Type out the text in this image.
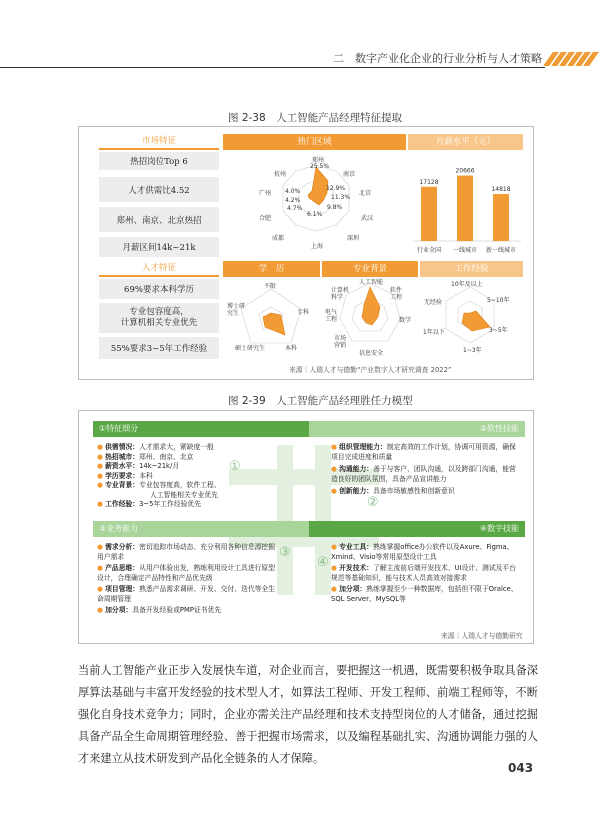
二　数字产业化企业的行业分析与人才策略
图 2-38　人工智能产品经理特征提取
市场特征	热门区域	月薪水平（元）
热招岗位Top 6
人才供需比4.52
郑州、南京、北京热招
月薪区间14k~21k
郑州
南京
北京
武汉
深圳
上海
成都
合肥
广州
杭州
25.5%
12.9%
11.3%
9.8%
6.1%
4.7%
4.2%
4.0%
17128
行业全国
20666
一线城市
14818
新一线城市
人才特征	学　历	专业背景	工作经验
69%要求本科学历
专业包容度高，
计算机相关专业优先
55%要求3~5年工作经验
不限
专科
本科
硕士研究生
博士研究生
人工智能
软件工程
数学
信息安全
市场营销
电气工程
计算机科学
10年及以上
5~10年
3~5年
1~3年
1年以下
无经验
来源｜人瑞人才与德勤“产业数字人才研究调查 2022”
图 2-39　人工智能产品经理胜任力模型
①
②
③
④
①特征细分	②软性技能
● 供需情况：人才需求大，紧缺度一般
● 热招城市：郑州、南京、北京
● 薪资水平：14k~21k/月
● 学历要求：本科
● 专业背景：专业包容度高，软件工程、
人工智能相关专业优先
● 工作经验：3~5年工作经验优先
● 组织管理能力：制定高效的工作计划，协调可用资源，确保项目完成进度和质量
● 沟通能力：善于与客户、团队沟通，以及跨部门沟通，能营造良好的团队氛围，具备产品宣讲能力
● 创新能力：具备市场敏感性和创新意识
③业务能力	④数字技能
● 需求分析：密切追踪市场动态、充分利用各种信息源挖掘用户需求
● 产品思维：从用户体验出发，熟练利用设计工具进行原型设计，合理确定产品特性和产品优先级
● 项目管理：熟悉产品需求调研、开发、交付、迭代等全生命周期管理
● 加分项：具备开发经验或PMP证书优先
● 专业工具：熟练掌握office办公软件以及Axure、Figma、Xmind、Visio等常用原型设计工具
● 开发技术：了解主流前后端开发技术、UI设计、测试及平台规范等基础知识，能与技术人员高效对接需求
● 加分项：熟练掌握至少一种数据库，包括但不限于Oralce、SQL Server、MySQL等
来源｜人瑞人才与德勤研究
当前人工智能产业正步入发展快车道，对企业而言，要把握这一机遇，既需要积极争取具备深厚算法基础与丰富开发经验的技术型人才，如算法工程师、开发工程师、前端工程师等，不断强化自身技术竞争力；同时，企业亦需关注产品经理和技术支持型岗位的人才储备，通过挖掘具备产品全生命周期管理经验、善于把握市场需求，以及编程基础扎实、沟通协调能力强的人才来建立从技术研发到产品化全链条的人才保障。
043
